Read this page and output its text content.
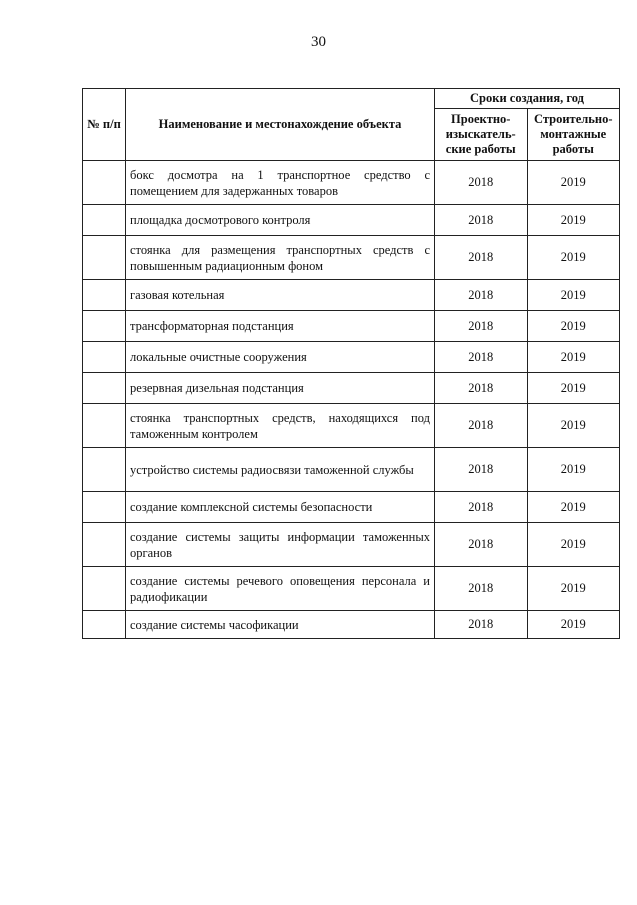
30
№ п/п	Наименование и местонахождение объекта	Сроки создания, год	
		Проектно-изыскатель-ские работы	Строительно-монтажные работы
	бокс досмотра на 1 транспортное средство с помещением для задержанных товаров	2018	2019
	площадка досмотрового контроля	2018	2019
	стоянка для размещения транспортных средств с повышенным радиационным фоном	2018	2019
	газовая котельная	2018	2019
	трансформаторная подстанция	2018	2019
	локальные очистные сооружения	2018	2019
	резервная дизельная подстанция	2018	2019
	стоянка транспортных средств, находящихся под таможенным контролем	2018	2019
	устройство системы радиосвязи таможенной службы	2018	2019
	создание комплексной системы безопасности	2018	2019
	создание системы защиты информации таможенных органов	2018	2019
	создание системы речевого оповещения персонала и радиофикации	2018	2019
	создание системы часофикации	2018	2019
